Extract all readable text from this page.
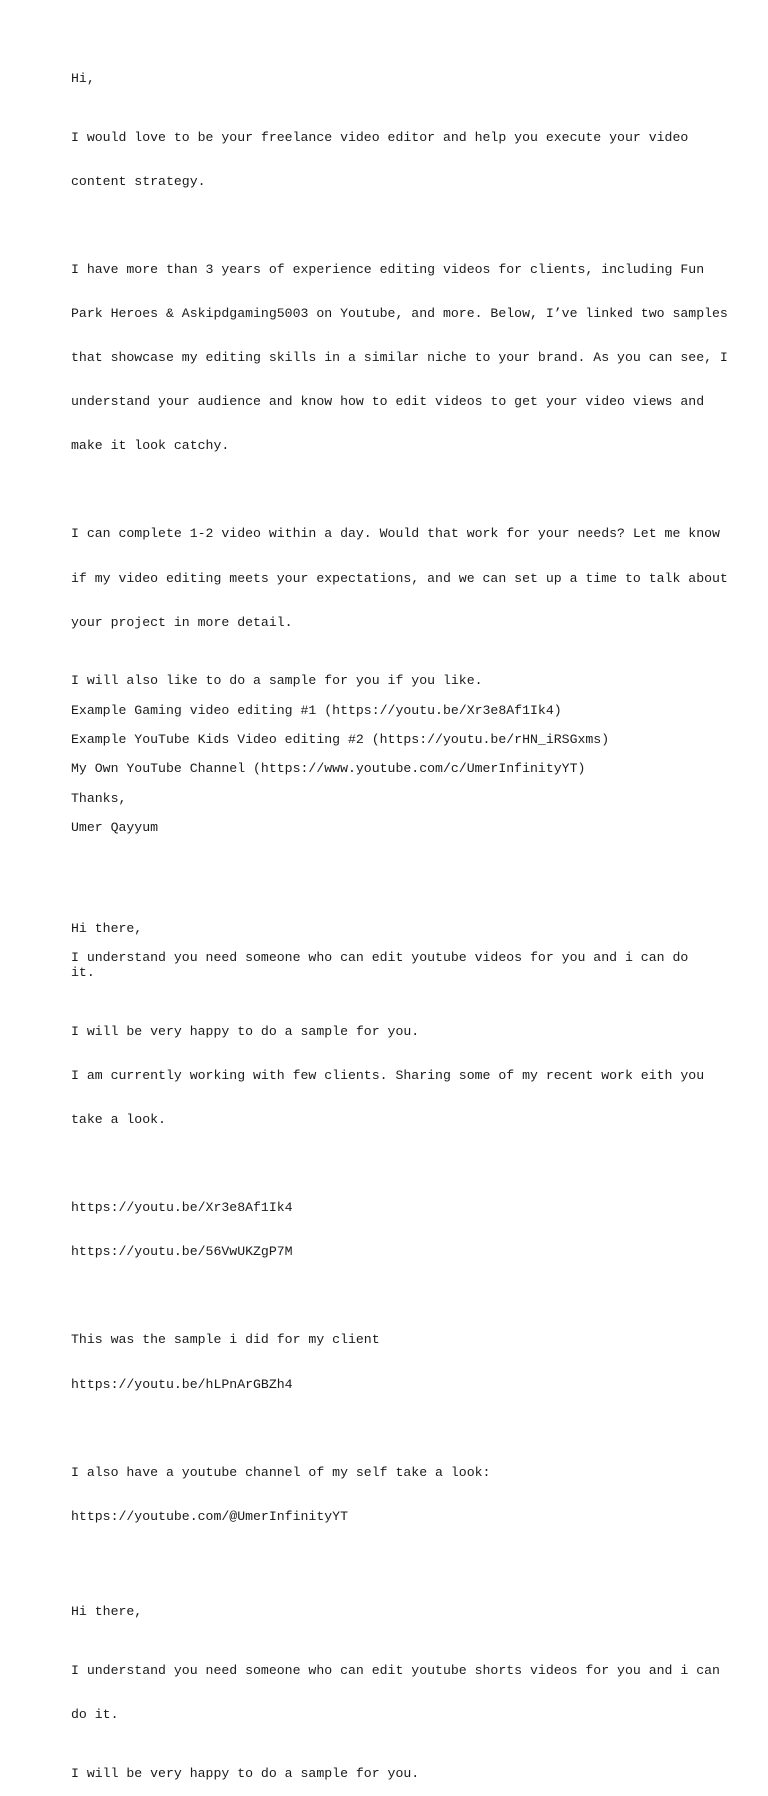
Hi,

I would love to be your freelance video editor and help you execute your video

content strategy.

I have more than 3 years of experience editing videos for clients, including Fun

Park Heroes & Askipdgaming5003 on Youtube, and more. Below, I’ve linked two samples

that showcase my editing skills in a similar niche to your brand. As you can see, I

understand your audience and know how to edit videos to get your video views and

make it look catchy.

I can complete 1-2 video within a day. Would that work for your needs? Let me know

if my video editing meets your expectations, and we can set up a time to talk about

your project in more detail.

I will also like to do a sample for you if you like.

Example Gaming video editing #1 (https://youtu.be/Xr3e8Af1Ik4)

Example YouTube Kids Video editing #2 (https://youtu.be/rHN_iRSGxms)

My Own YouTube Channel (https://www.youtube.com/c/UmerInfinityYT)

Thanks,

Umer Qayyum

Hi there,

I understand you need someone who can edit youtube videos for you and i can do it.

I will be very happy to do a sample for you.

I am currently working with few clients. Sharing some of my recent work eith you

take a look.

https://youtu.be/Xr3e8Af1Ik4

https://youtu.be/56VwUKZgP7M

This was the sample i did for my client

https://youtu.be/hLPnArGBZh4

I also have a youtube channel of my self take a look:

https://youtube.com/@UmerInfinityYT

Hi there,

I understand you need someone who can edit youtube shorts videos for you and i can

do it.

I will be very happy to do a sample for you.
